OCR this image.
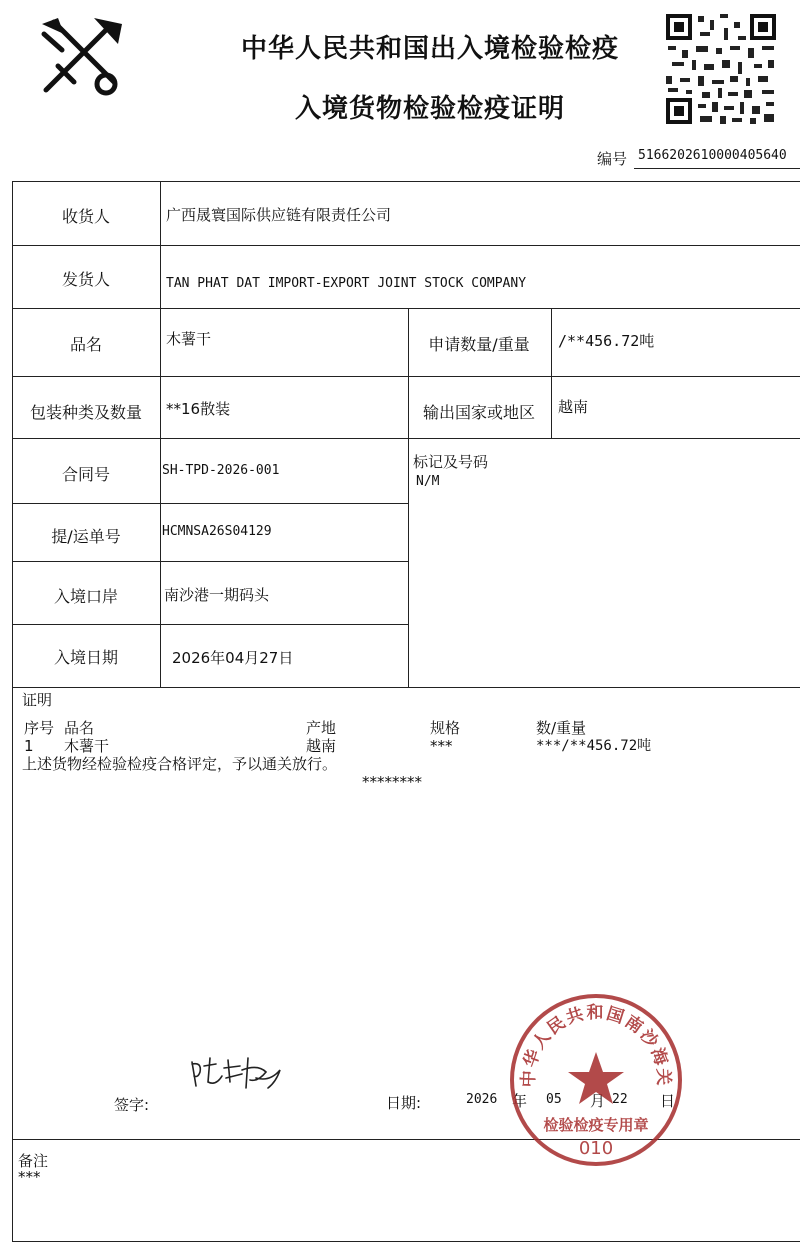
中华人民共和国出入境检验检疫
入境货物检验检疫证明
编号 5166202610000405640
收货人	广西晟寰国际供应链有限责任公司
发货人	TAN PHAT DAT IMPORT-EXPORT JOINT STOCK COMPANY
品名	木薯干	申请数量/重量	/**456.72吨
包装种类及数量	**16散装	输出国家或地区	越南
合同号	SH-TPD-2026-001	标记及号码
N/M
提/运单号	HCMNSA26S04129
入境口岸	南沙港一期码头
入境日期	2026年04月27日
证明
序号 品名	产地	规格	数/重量
1 木薯干	越南	***	***/**456.72吨
上述货物经检验检疫合格评定，予以通关放行。
********
签字:	日期:	2026 年 05 月 22 日
中华人民共和国南沙海关
检验检疫专用章
010
备注
***
